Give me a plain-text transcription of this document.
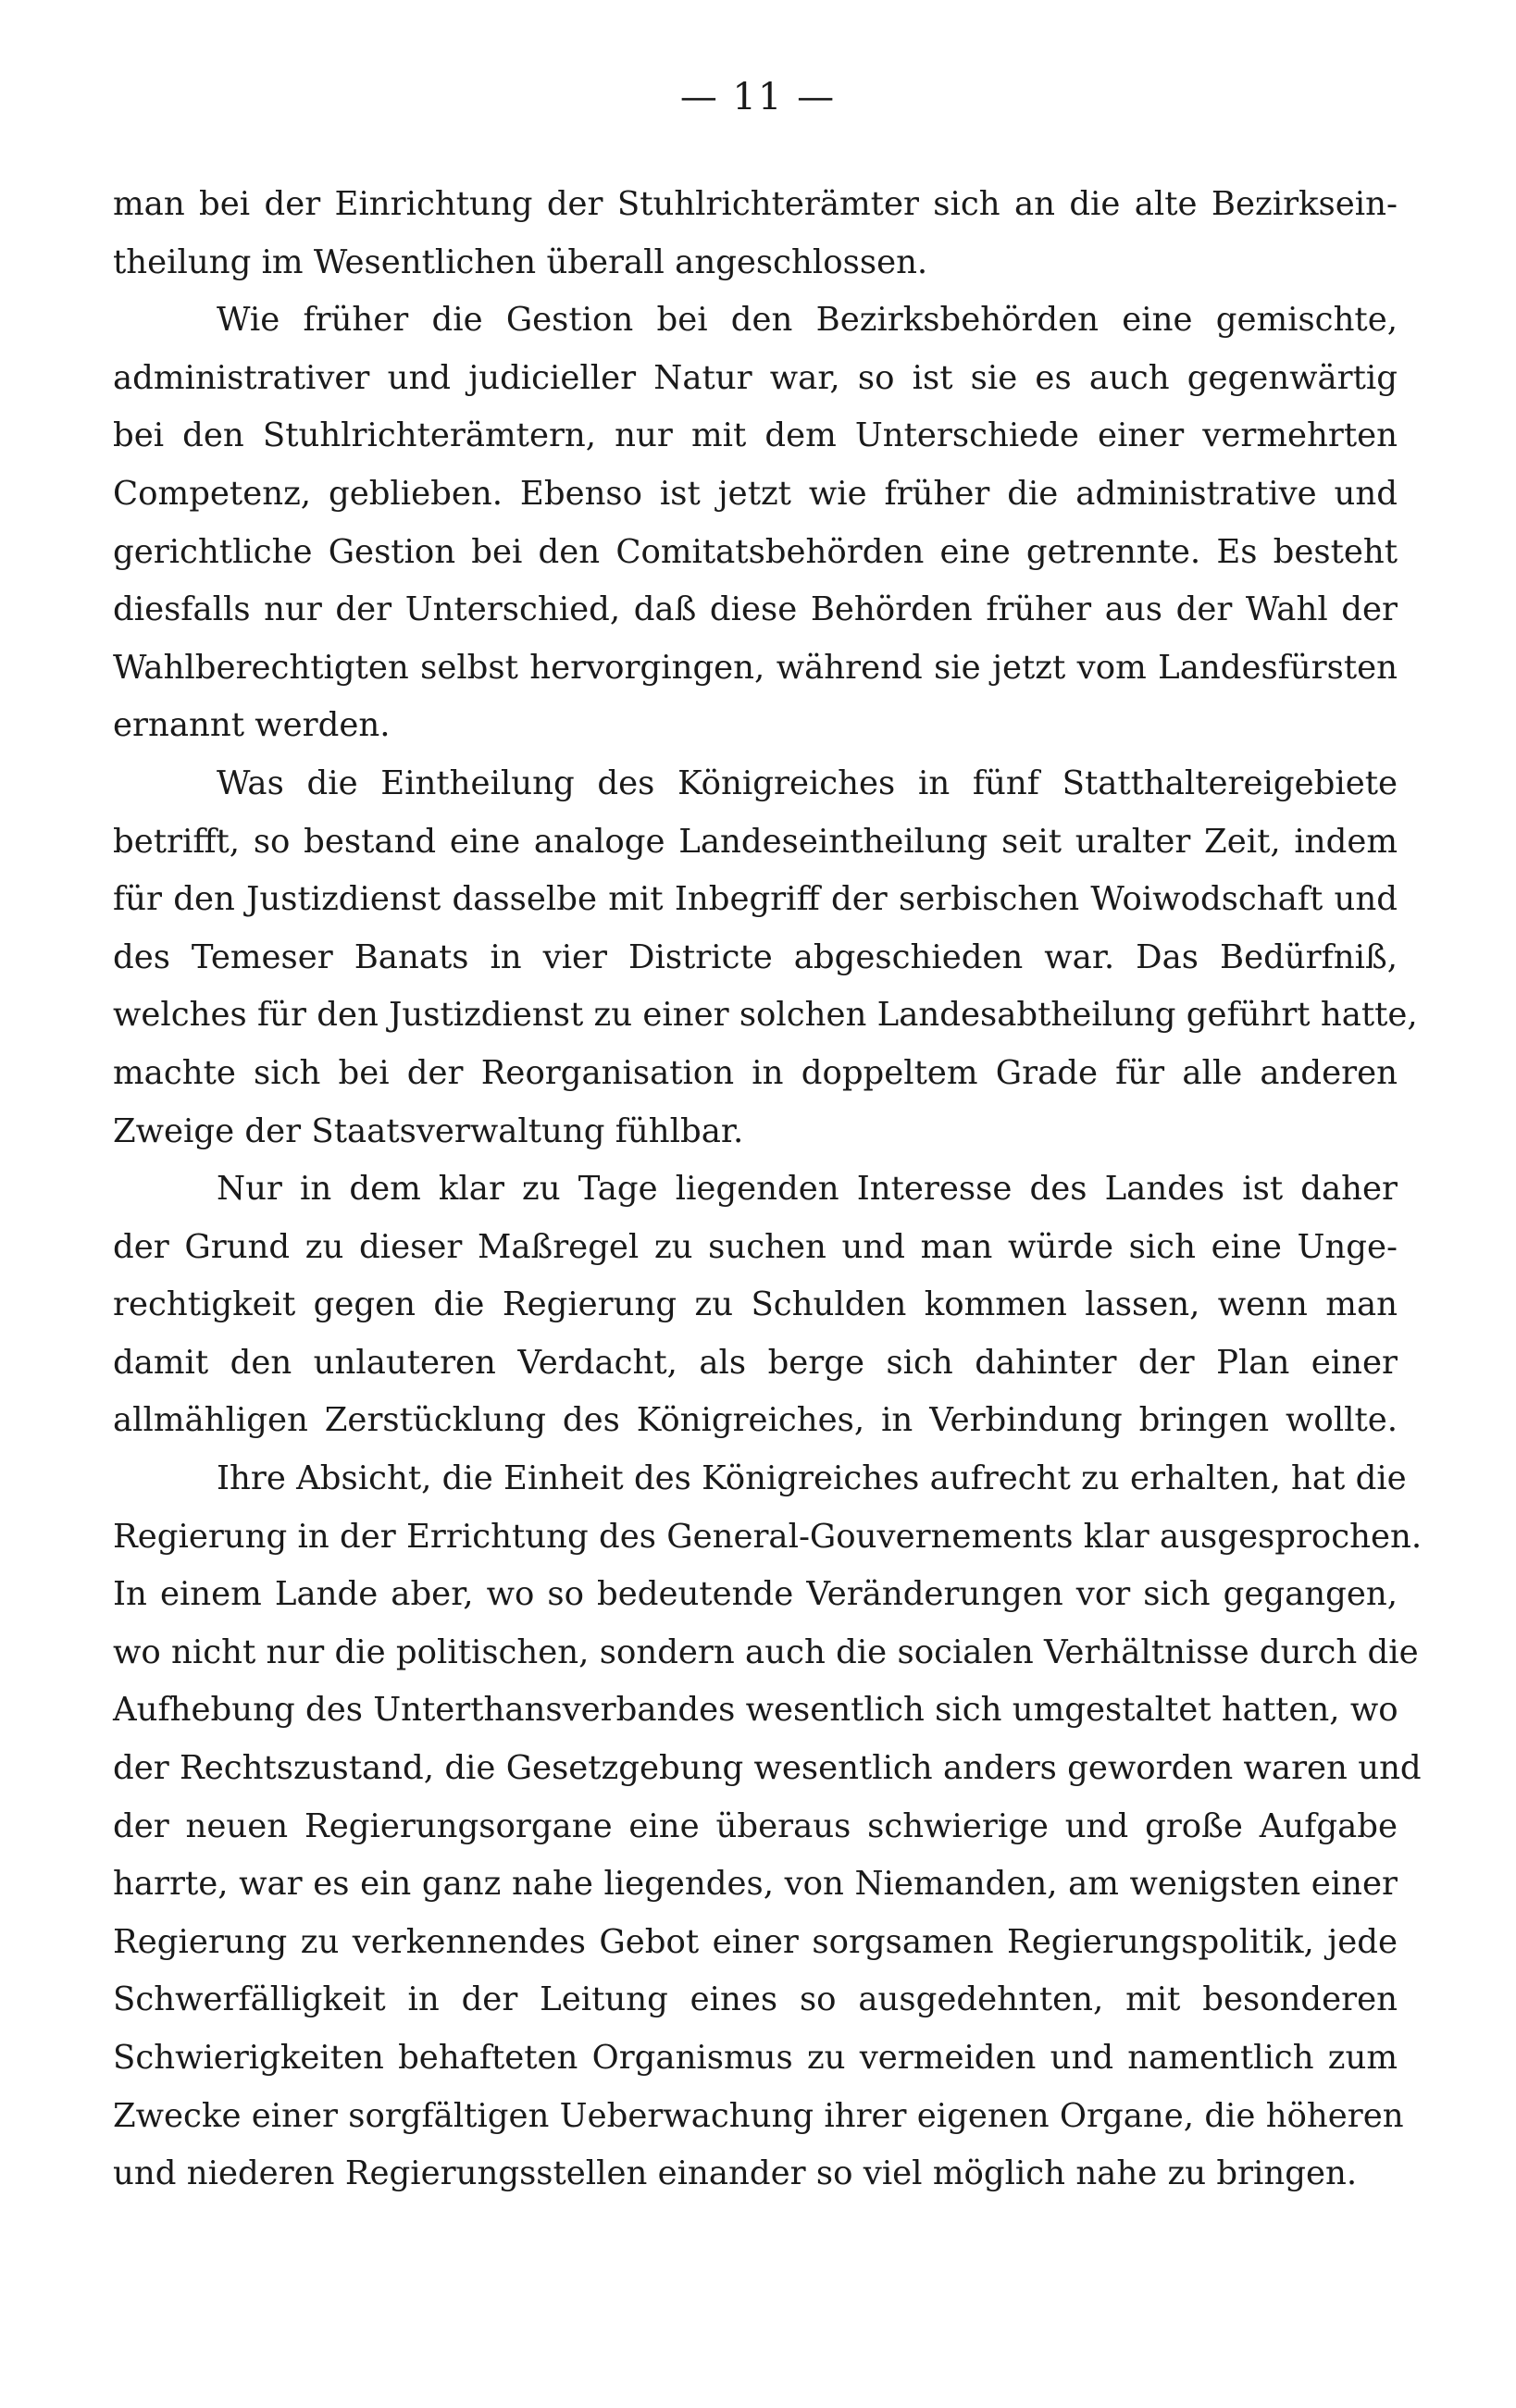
— 11 —
man bei der Einrichtung der Stuhlrichterämter sich an die alte Bezirksein-
theilung im Wesentlichen überall angeschlossen.
Wie früher die Gestion bei den Bezirksbehörden eine gemischte,
administrativer und judicieller Natur war, so ist sie es auch gegenwärtig
bei den Stuhlrichterämtern, nur mit dem Unterschiede einer vermehrten
Competenz, geblieben. Ebenso ist jetzt wie früher die administrative und
gerichtliche Gestion bei den Comitatsbehörden eine getrennte. Es besteht
diesfalls nur der Unterschied, daß diese Behörden früher aus der Wahl der
Wahlberechtigten selbst hervorgingen, während sie jetzt vom Landesfürsten
ernannt werden.
Was die Eintheilung des Königreiches in fünf Statthaltereigebiete
betrifft, so bestand eine analoge Landeseintheilung seit uralter Zeit, indem
für den Justizdienst dasselbe mit Inbegriff der serbischen Woiwodschaft und
des Temeser Banats in vier Districte abgeschieden war. Das Bedürfniß,
welches für den Justizdienst zu einer solchen Landesabtheilung geführt hatte,
machte sich bei der Reorganisation in doppeltem Grade für alle anderen
Zweige der Staatsverwaltung fühlbar.
Nur in dem klar zu Tage liegenden Interesse des Landes ist daher
der Grund zu dieser Maßregel zu suchen und man würde sich eine Unge-
rechtigkeit gegen die Regierung zu Schulden kommen lassen, wenn man
damit den unlauteren Verdacht, als berge sich dahinter der Plan einer
allmähligen Zerstücklung des Königreiches, in Verbindung bringen wollte.
Ihre Absicht, die Einheit des Königreiches aufrecht zu erhalten, hat die
Regierung in der Errichtung des General-Gouvernements klar ausgesprochen.
In einem Lande aber, wo so bedeutende Veränderungen vor sich gegangen,
wo nicht nur die politischen, sondern auch die socialen Verhältnisse durch die
Aufhebung des Unterthansverbandes wesentlich sich umgestaltet hatten, wo
der Rechtszustand, die Gesetzgebung wesentlich anders geworden waren und
der neuen Regierungsorgane eine überaus schwierige und große Aufgabe
harrte, war es ein ganz nahe liegendes, von Niemanden, am wenigsten einer
Regierung zu verkennendes Gebot einer sorgsamen Regierungspolitik, jede
Schwerfälligkeit in der Leitung eines so ausgedehnten, mit besonderen
Schwierigkeiten behafteten Organismus zu vermeiden und namentlich zum
Zwecke einer sorgfältigen Ueberwachung ihrer eigenen Organe, die höheren
und niederen Regierungsstellen einander so viel möglich nahe zu bringen.
